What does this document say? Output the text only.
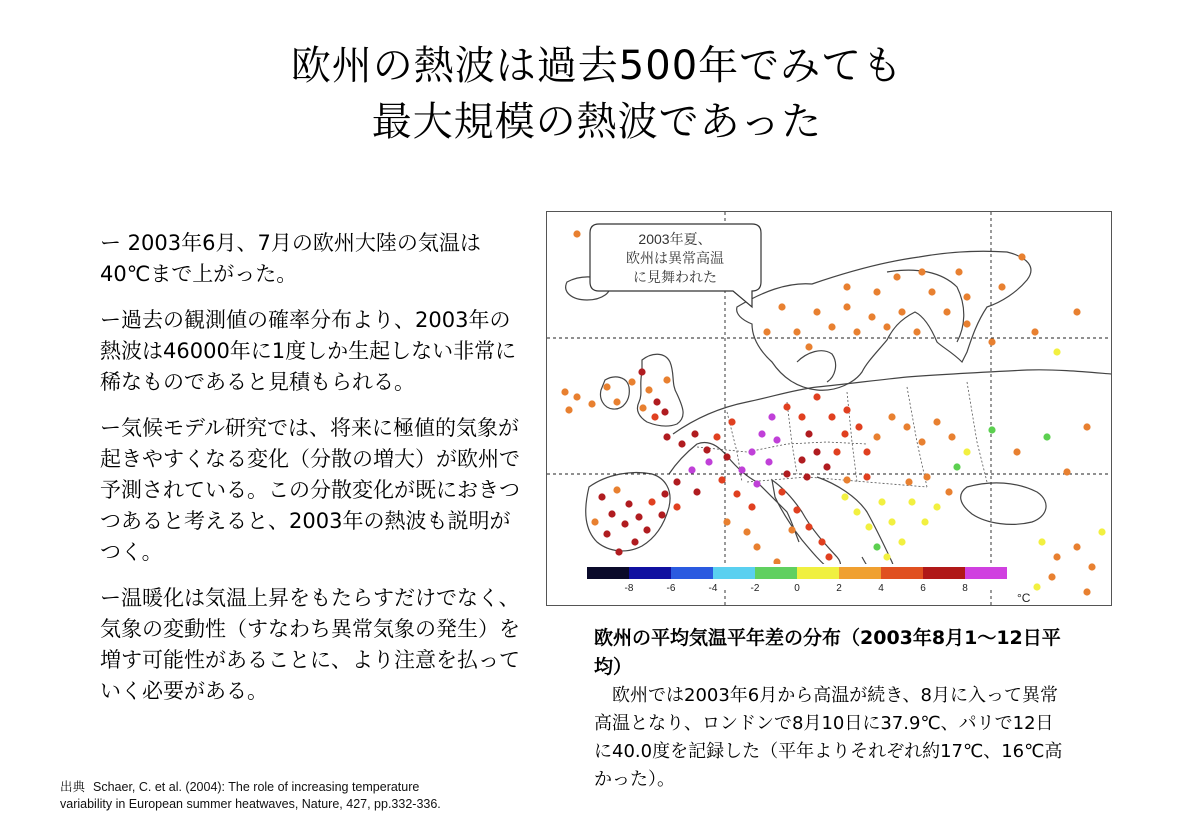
欧州の熱波は過去500年でみても
最大規模の熱波であった
ー 2003年6月、7月の欧州大陸の気温は40℃まで上がった。
ー過去の観測値の確率分布より、2003年の熱波は46000年に1度しか生起しない非常に稀なものであると見積もられる。
ー気候モデル研究では、将来に極値的気象が起きやすくなる変化（分散の増大）が欧州で予測されている。この分散変化が既におきつつあると考えると、2003年の熱波も説明がつく。
ー温暖化は気温上昇をもたらすだけでなく、気象の変動性（すなわち異常気象の発生）を増す可能性があることに、より注意を払っていく必要がある。
2003年夏、
欧州は異常高温
に見舞われた
-8	-6	-4	-2	0	2	4	6	8
°C
欧州の平均気温平年差の分布（2003年8月1〜12日平均）
欧州では2003年6月から高温が続き、8月に入って異常高温となり、ロンドンで8月10日に37.9℃、パリで12日に40.0度を記録した（平年よりそれぞれ約17℃、16℃高かった）。
出典 Schaer, C. et al. (2004): The role of increasing temperature
variability in European summer heatwaves, Nature, 427, pp.332-336.
